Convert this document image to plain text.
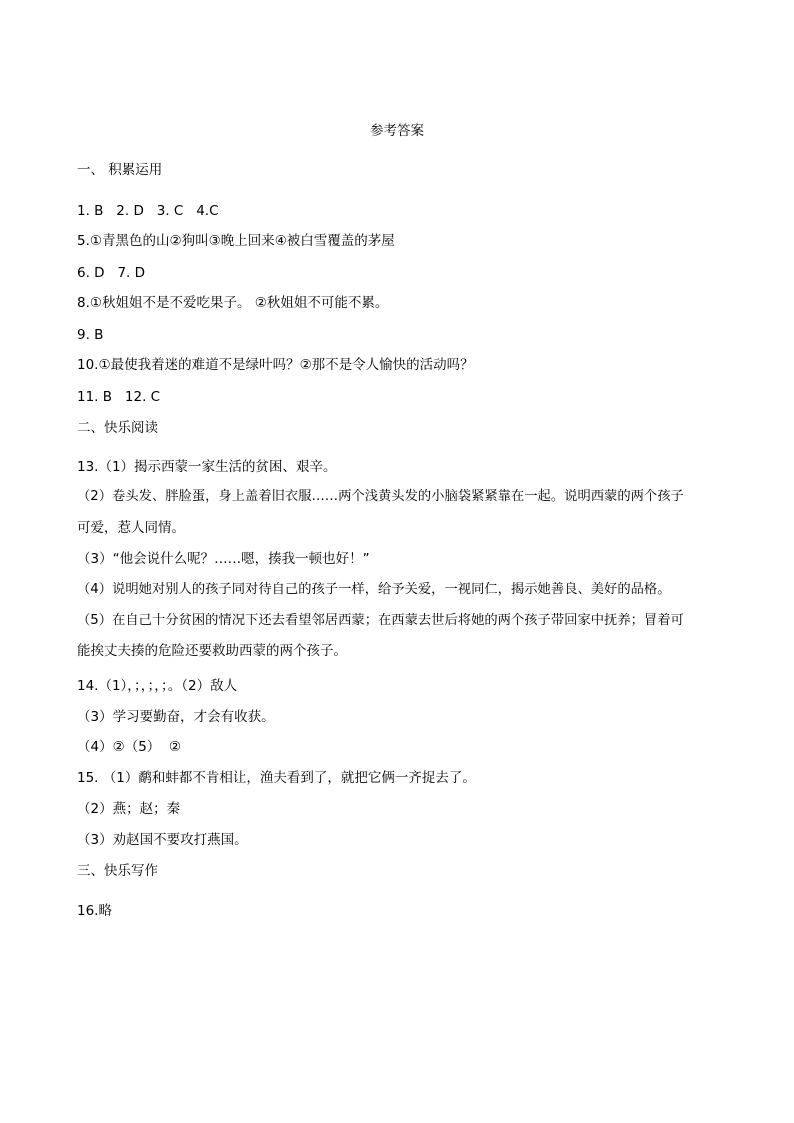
参考答案
一、 积累运用
1. B   2. D   3. C   4.C
5.①青黑色的山②狗叫③晚上回来④被白雪覆盖的茅屋
6. D   7. D
8.①秋姐姐不是不爱吃果子。 ②秋姐姐不可能不累。
9. B
10.①最使我着迷的难道不是绿叶吗？②那不是令人愉快的活动吗？
11. B   12. C
二、快乐阅读
13.（1）揭示西蒙一家生活的贫困、艰辛。
（2）卷头发、胖脸蛋，身上盖着旧衣服……两个浅黄头发的小脑袋紧紧靠在一起。说明西蒙的两个孩子
可爱，惹人同情。
（3）“他会说什么呢？……嗯，揍我一顿也好！”
（4）说明她对别人的孩子同对待自己的孩子一样，给予关爱，一视同仁，揭示她善良、美好的品格。
（5）在自己十分贫困的情况下还去看望邻居西蒙；在西蒙去世后将她的两个孩子带回家中抚养；冒着可
能挨丈夫揍的危险还要救助西蒙的两个孩子。
14.（1），；，；，；。（2）敌人
（3）学习要勤奋，才会有收获。
（4）②（5）  ②
15. （1）鹬和蚌都不肯相让，渔夫看到了，就把它俩一齐捉去了。
（2）燕；赵；秦
（3）劝赵国不要攻打燕国。
三、快乐写作
16.略
